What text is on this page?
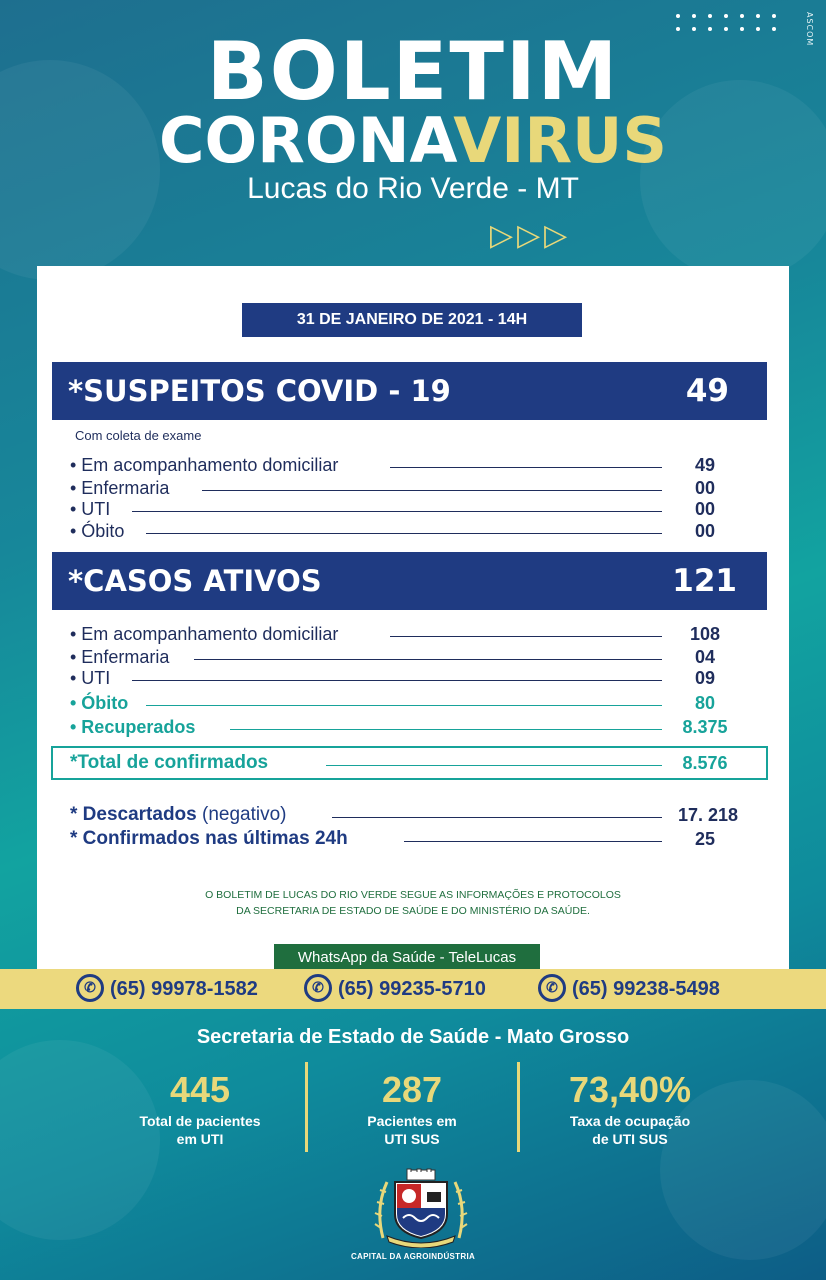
ASCOM
BOLETIM
CORONAVIRUS
Lucas do Rio Verde - MT
▷▷▷
31 DE JANEIRO DE 2021 - 14H
*SUSPEITOS COVID - 19	49
Com coleta de exame
• Em acompanhamento domiciliar	49
• Enfermaria	00
• UTI	00
• Óbito	00
*CASOS ATIVOS	121
• Em acompanhamento domiciliar	108
• Enfermaria	04
• UTI	09
• Óbito	80
• Recuperados	8.375
*Total de confirmados	8.576
* Descartados (negativo)	17. 218
* Confirmados nas últimas 24h	25
O BOLETIM DE LUCAS DO RIO VERDE SEGUE AS INFORMAÇÕES E PROTOCOLOS
DA SECRETARIA DE ESTADO DE SAÚDE E DO MINISTÉRIO DA SAÚDE.
WhatsApp da Saúde - TeleLucas
✆ (65) 99978-1582	✆ (65) 99235-5710	✆ (65) 99238-5498
Secretaria de Estado de Saúde - Mato Grosso
445
Total de pacientes
em UTI
287
Pacientes em
UTI SUS
73,40%
Taxa de ocupação
de UTI SUS
CAPITAL DA AGROINDÚSTRIA
